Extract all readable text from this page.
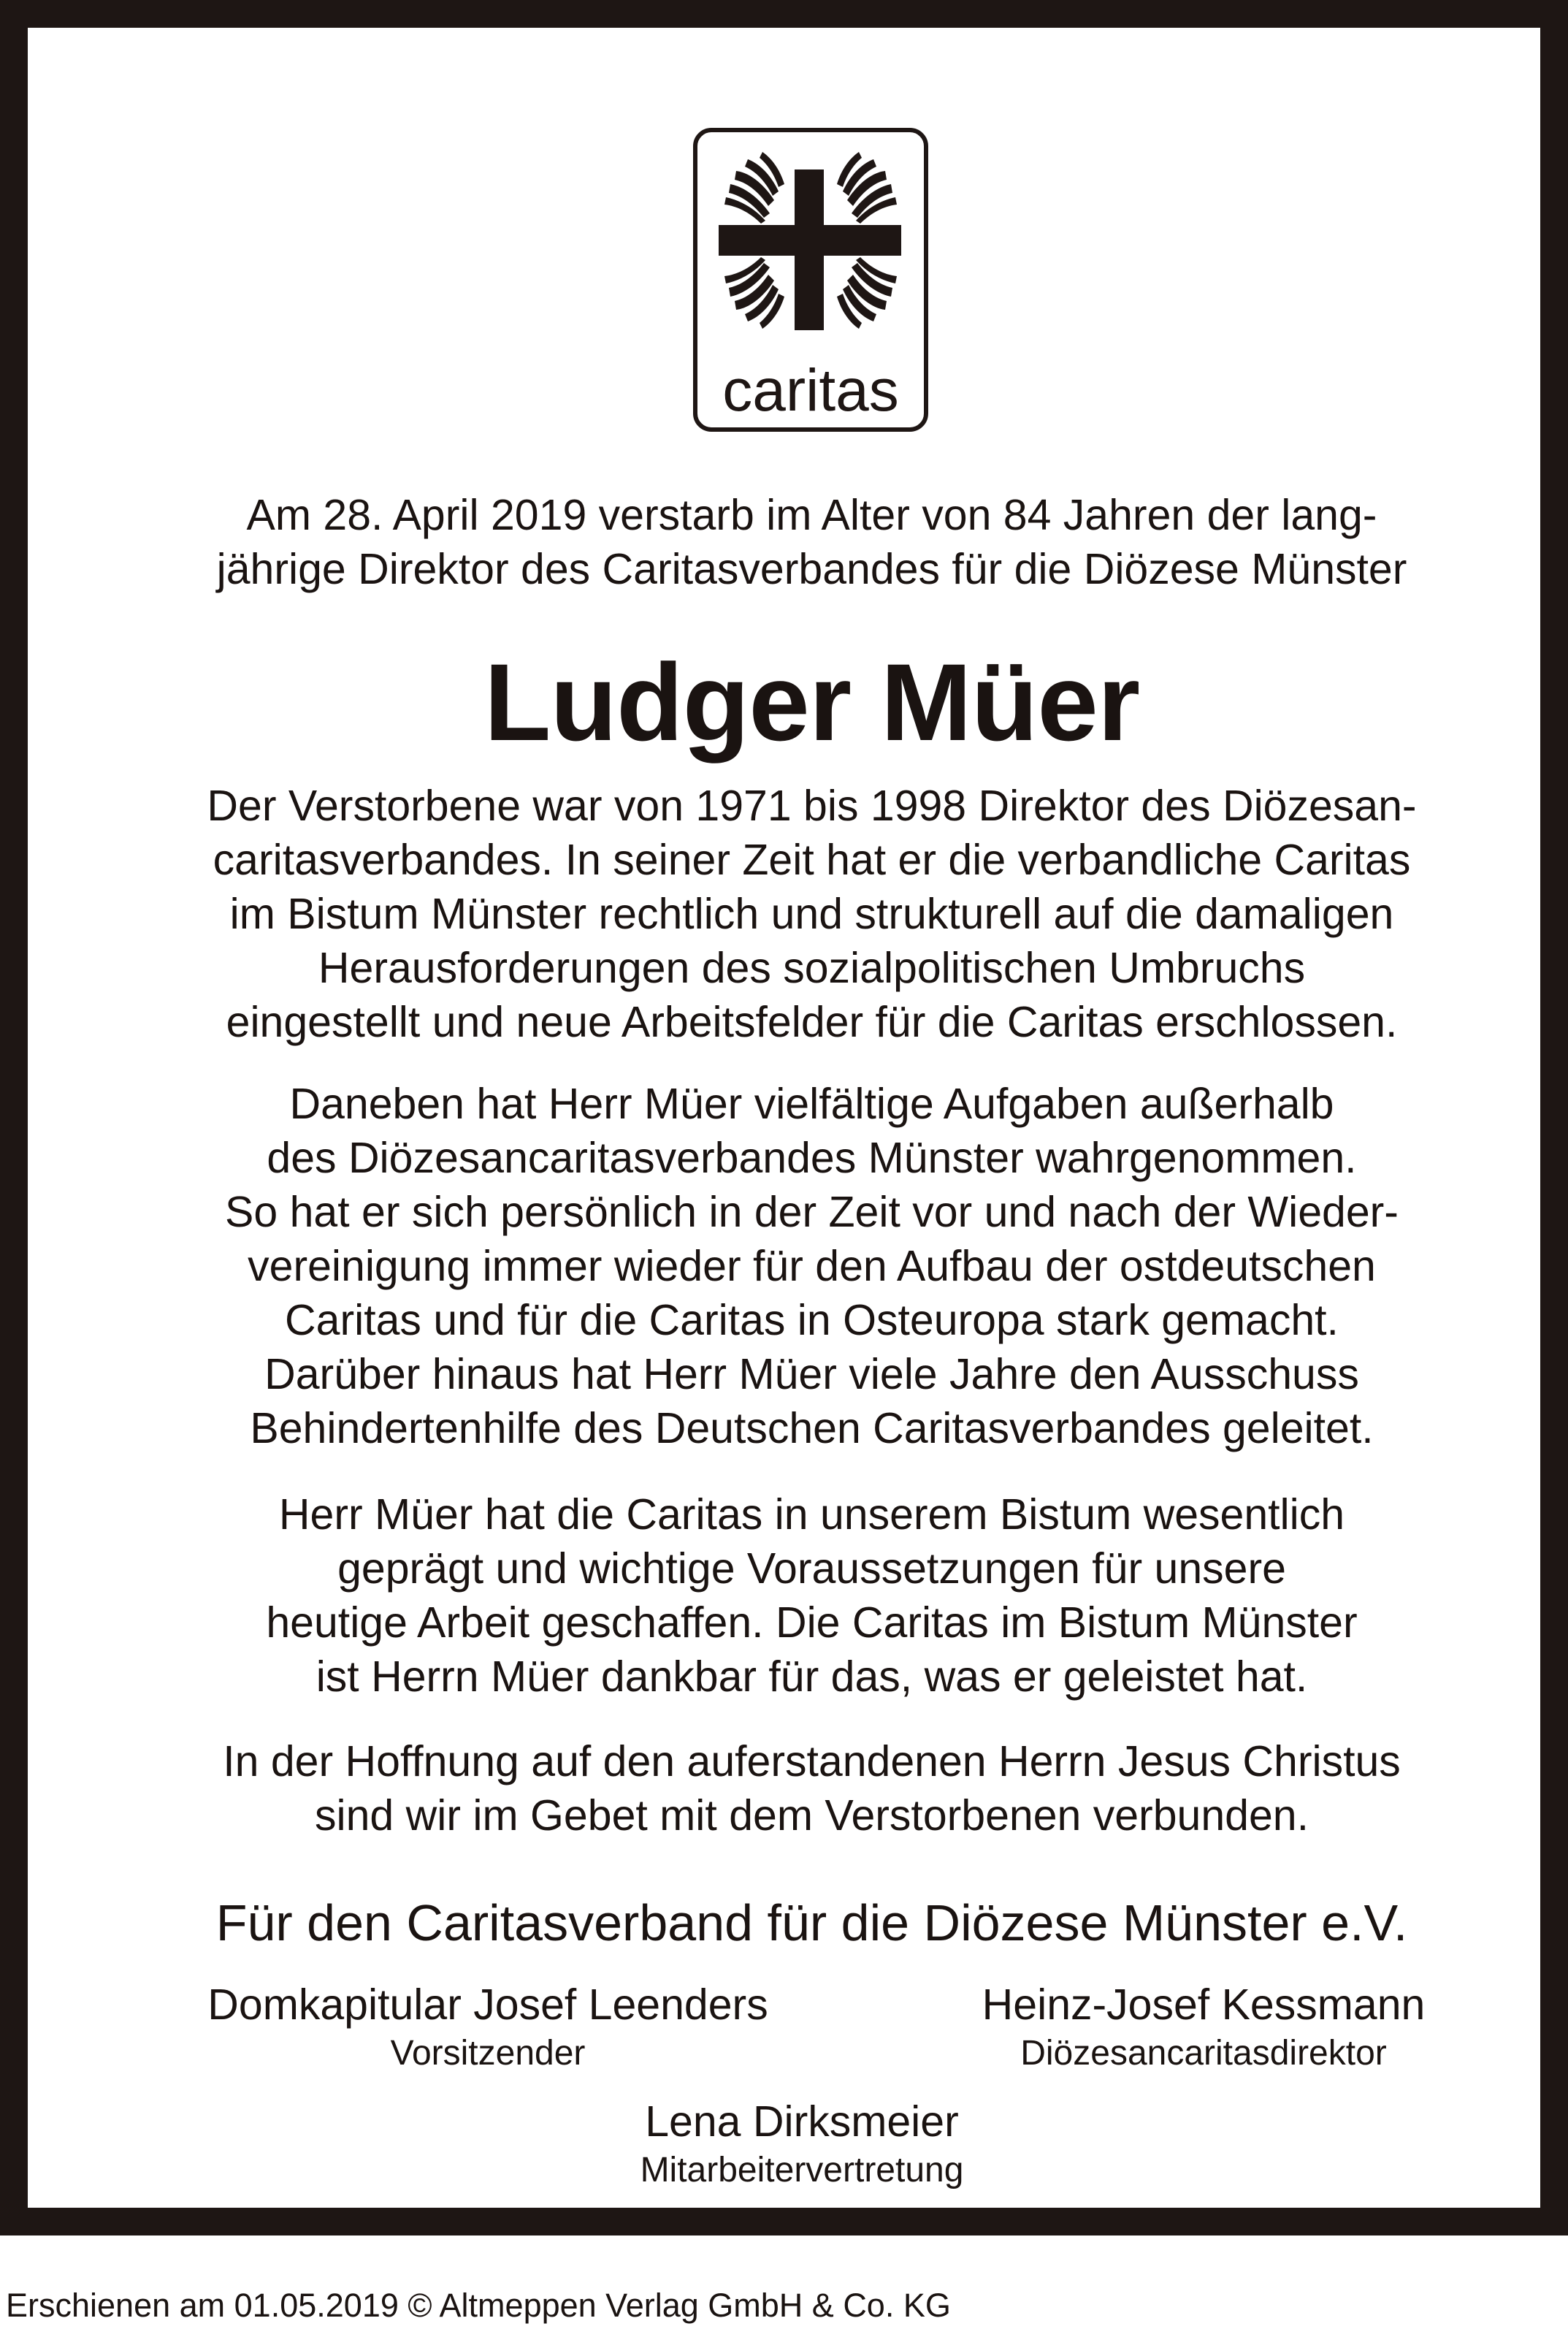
caritas

Am 28. April 2019 verstarb im Alter von 84 Jahren der lang-
jährige Direktor des Caritasverbandes für die Diözese Münster

Ludger Müer

Der Verstorbene war von 1971 bis 1998 Direktor des Diözesan-
caritasverbandes. In seiner Zeit hat er die verbandliche Caritas
im Bistum Münster rechtlich und strukturell auf die damaligen
Herausforderungen des sozialpolitischen Umbruchs
eingestellt und neue Arbeitsfelder für die Caritas erschlossen.

Daneben hat Herr Müer vielfältige Aufgaben außerhalb
des Diözesancaritasverbandes Münster wahrgenommen.
So hat er sich persönlich in der Zeit vor und nach der Wieder-
vereinigung immer wieder für den Aufbau der ostdeutschen
Caritas und für die Caritas in Osteuropa stark gemacht.
Darüber hinaus hat Herr Müer viele Jahre den Ausschuss
Behindertenhilfe des Deutschen Caritasverbandes geleitet.

Herr Müer hat die Caritas in unserem Bistum wesentlich
geprägt und wichtige Voraussetzungen für unsere
heutige Arbeit geschaffen. Die Caritas im Bistum Münster
ist Herrn Müer dankbar für das, was er geleistet hat.

In der Hoffnung auf den auferstandenen Herrn Jesus Christus
sind wir im Gebet mit dem Verstorbenen verbunden.

Für den Caritasverband für die Diözese Münster e.V.

Domkapitular Josef Leenders
Vorsitzender
Heinz-Josef Kessmann
Diözesancaritasdirektor
Lena Dirksmeier
Mitarbeitervertretung
Erschienen am 01.05.2019 © Altmeppen Verlag GmbH & Co. KG
